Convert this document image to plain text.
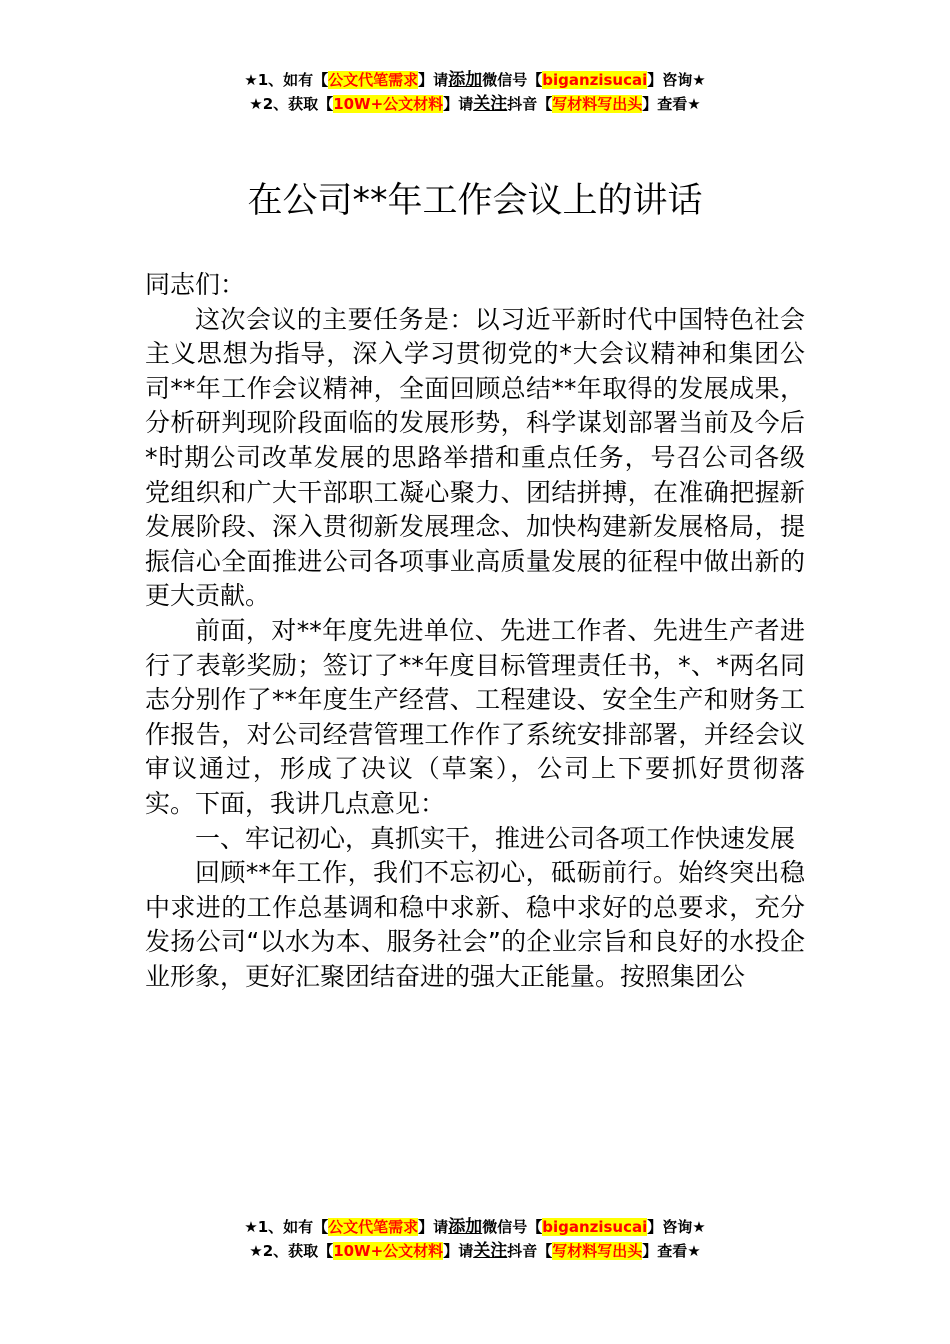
★1、如有【公文代笔需求】请添加微信号【biganzisucai】咨询★
★2、获取【10W+公文材料】请关注抖音【写材料写出头】查看★
在公司**年工作会议上的讲话

同志们：

这次会议的主要任务是：以习近平新时代中国特色社会主义思想为指导，深入学习贯彻党的*大会议精神和集团公司**年工作会议精神，全面回顾总结**年取得的发展成果，分析研判现阶段面临的发展形势，科学谋划部署当前及今后*时期公司改革发展的思路举措和重点任务，号召公司各级党组织和广大干部职工凝心聚力、团结拼搏，在准确把握新发展阶段、深入贯彻新发展理念、加快构建新发展格局，提振信心全面推进公司各项事业高质量发展的征程中做出新的更大贡献。

前面，对**年度先进单位、先进工作者、先进生产者进行了表彰奖励；签订了**年度目标管理责任书，*、*两名同志分别作了**年度生产经营、工程建设、安全生产和财务工作报告，对公司经营管理工作作了系统安排部署，并经会议审议通过，形成了决议（草案），公司上下要抓好贯彻落实。下面，我讲几点意见：

一、牢记初心，真抓实干，推进公司各项工作快速发展

回顾**年工作，我们不忘初心，砥砺前行。始终突出稳中求进的工作总基调和稳中求新、稳中求好的总要求，充分发扬公司“以水为本、服务社会”的企业宗旨和良好的水投企业形象，更好汇聚团结奋进的强大正能量。按照集团公

★1、如有【公文代笔需求】请添加微信号【biganzisucai】咨询★
★2、获取【10W+公文材料】请关注抖音【写材料写出头】查看★
